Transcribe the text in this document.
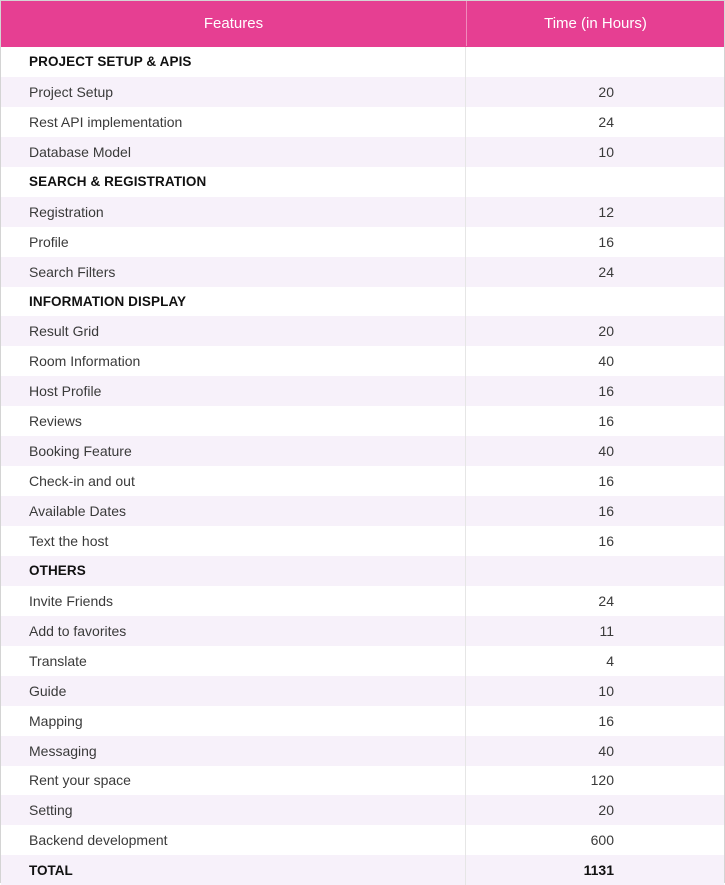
Features	Time (in Hours)
PROJECT SETUP & APIS
Project Setup	20
Rest API implementation	24
Database Model	10
SEARCH & REGISTRATION
Registration	12
Profile	16
Search Filters	24
INFORMATION DISPLAY
Result Grid	20
Room Information	40
Host Profile	16
Reviews	16
Booking Feature	40
Check-in and out	16
Available Dates	16
Text the host	16
OTHERS
Invite Friends	24
Add to favorites	11
Translate	4
Guide	10
Mapping	16
Messaging	40
Rent your space	120
Setting	20
Backend development	600
TOTAL	1131
